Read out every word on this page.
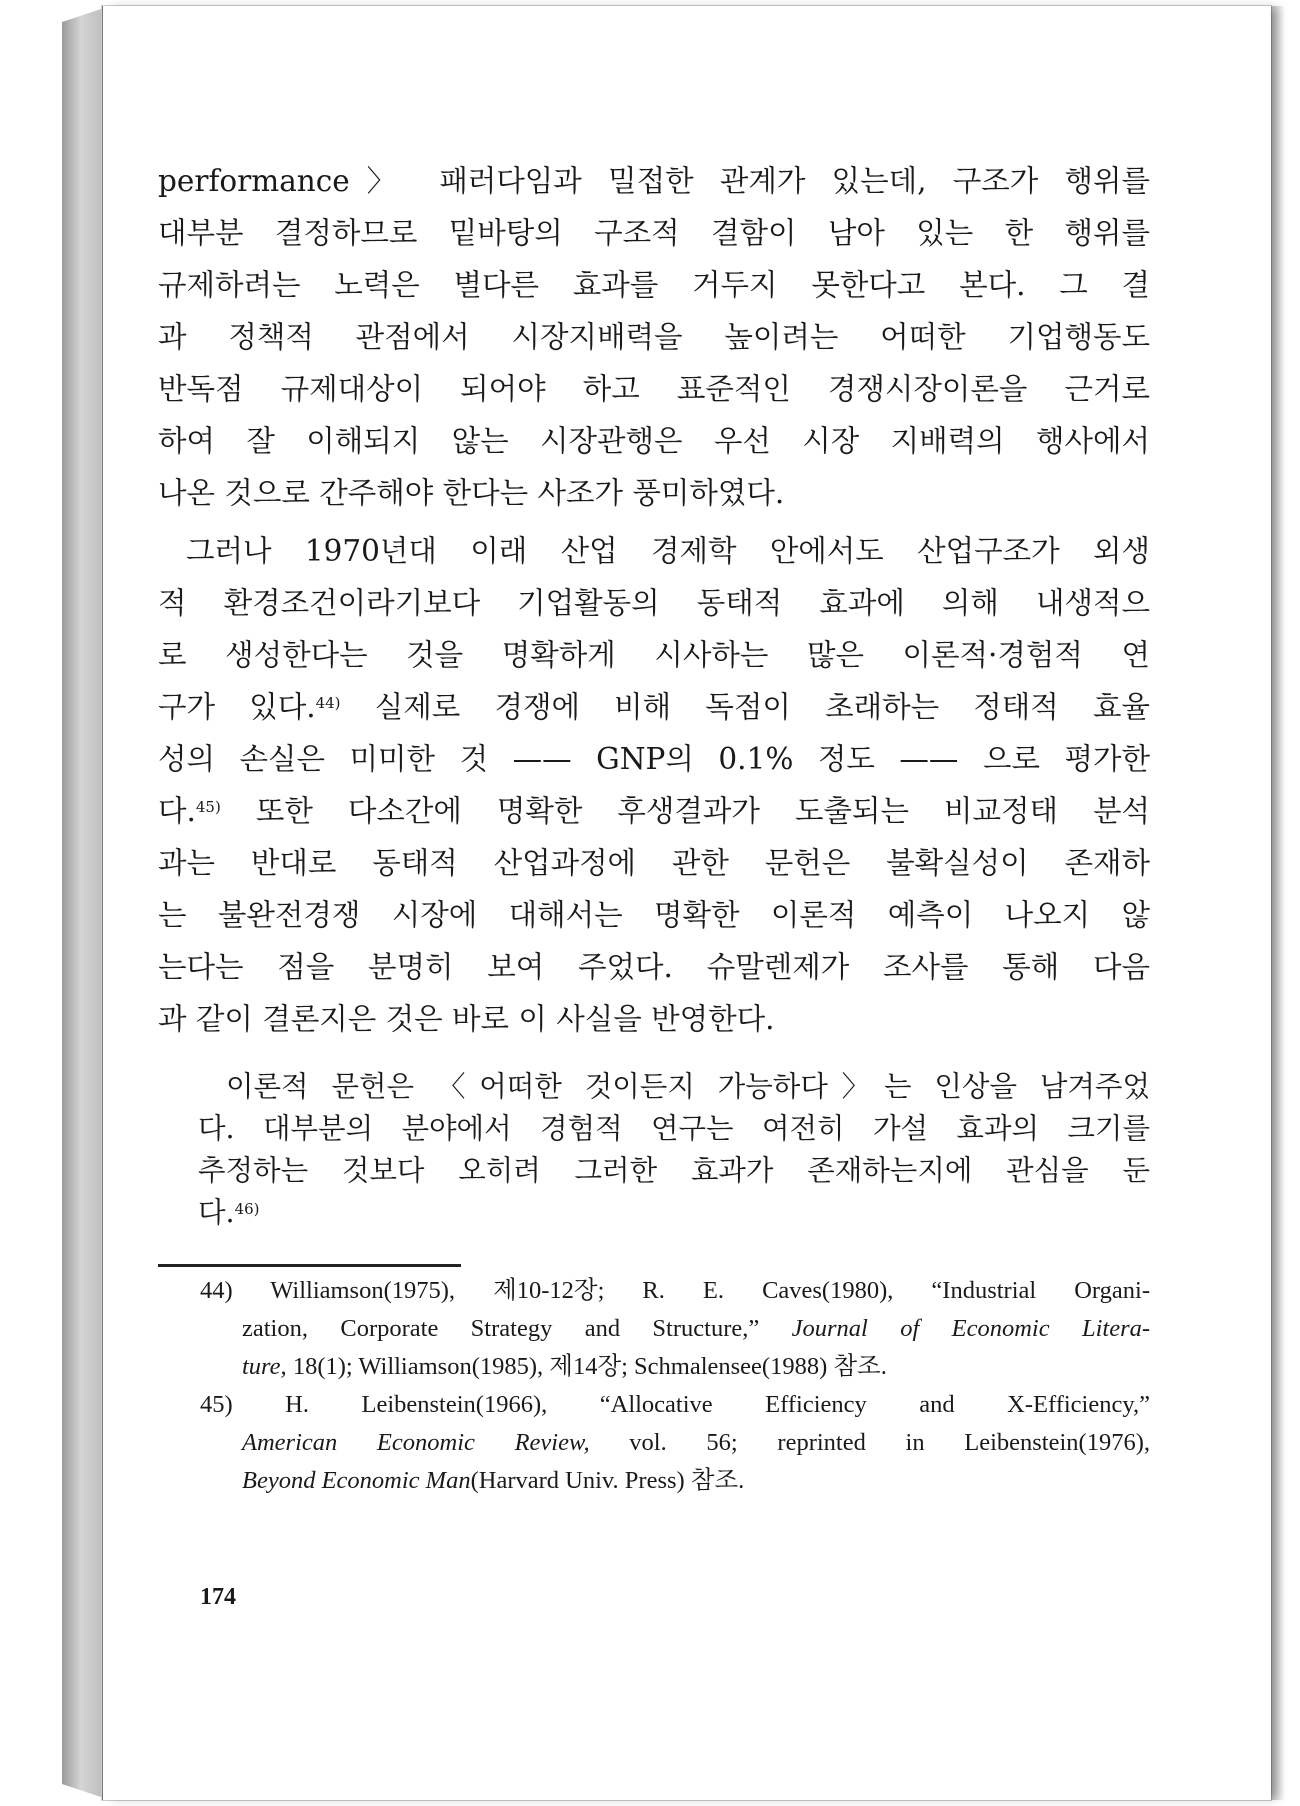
performance〉 패러다임과 밀접한 관계가 있는데, 구조가 행위를
대부분 결정하므로 밑바탕의 구조적 결함이 남아 있는 한 행위를
규제하려는 노력은 별다른 효과를 거두지 못한다고 본다. 그 결
과 정책적 관점에서 시장지배력을 높이려는 어떠한 기업행동도
반독점 규제대상이 되어야 하고 표준적인 경쟁시장이론을 근거로
하여 잘 이해되지 않는 시장관행은 우선 시장 지배력의 행사에서
나온 것으로 간주해야 한다는 사조가 풍미하였다.
그러나 1970년대 이래 산업 경제학 안에서도 산업구조가 외생
적 환경조건이라기보다 기업활동의 동태적 효과에 의해 내생적으
로 생성한다는 것을 명확하게 시사하는 많은 이론적·경험적 연
구가 있다.$^{44)}$ 실제로 경쟁에 비해 독점이 초래하는 정태적 효율
성의 손실은 미미한 것 —— GNP의 0.1% 정도 —— 으로 평가한
다.$^{45)}$ 또한 다소간에 명확한 후생결과가 도출되는 비교정태 분석
과는 반대로 동태적 산업과정에 관한 문헌은 불확실성이 존재하
는 불완전경쟁 시장에 대해서는 명확한 이론적 예측이 나오지 않
는다는 점을 분명히 보여 주었다. 슈말렌제가 조사를 통해 다음
과 같이 결론지은 것은 바로 이 사실을 반영한다.
이론적 문헌은 〈어떠한 것이든지 가능하다〉는 인상을 남겨주었
다. 대부분의 분야에서 경험적 연구는 여전히 가설 효과의 크기를
추정하는 것보다 오히려 그러한 효과가 존재하는지에 관심을 둔
다.$^{46)}$
44) Williamson(1975), 제10-12장; R. E. Caves(1980), “Industrial Organi-
zation, Corporate Strategy and Structure,” Journal of Economic Litera-
ture, 18(1); Williamson(1985), 제14장; Schmalensee(1988) 참조.
45) H. Leibenstein(1966), “Allocative Efficiency and X-Efficiency,”
American Economic Review, vol. 56; reprinted in Leibenstein(1976),
Beyond Economic Man(Harvard Univ. Press) 참조.
174
